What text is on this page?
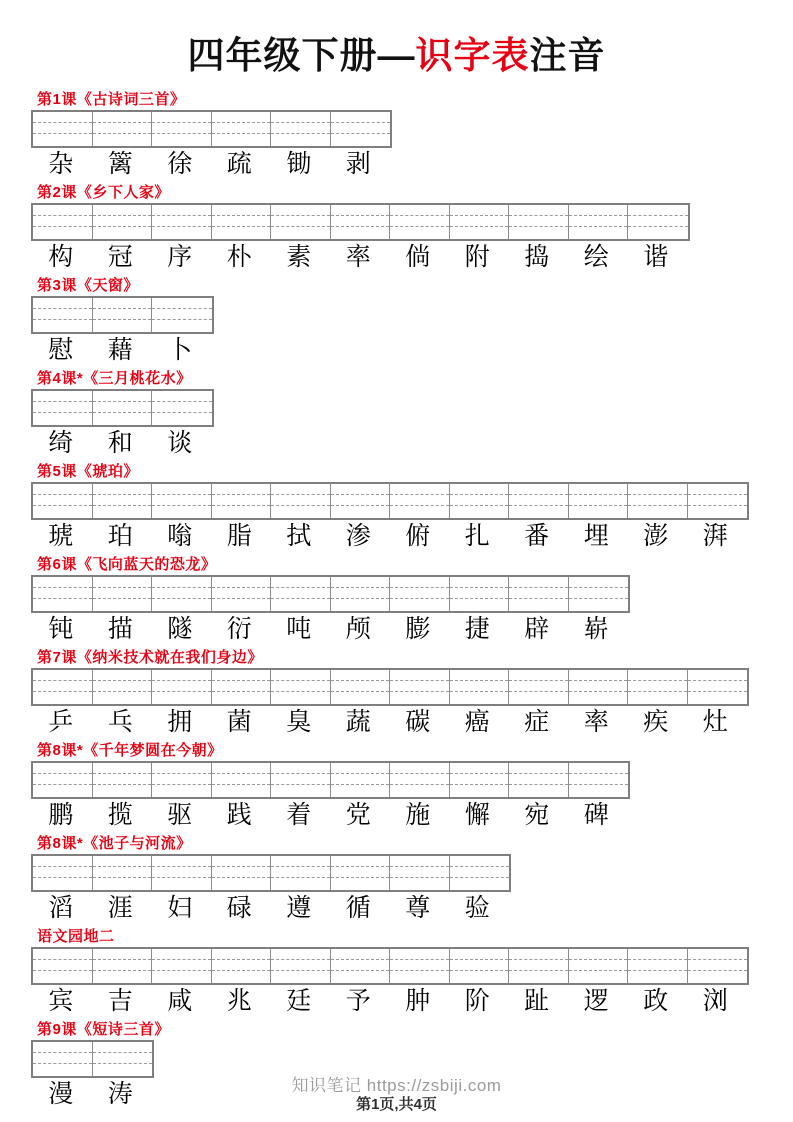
四年级下册—识字表注音
第1课《古诗词三首》
杂	篱	徐	疏	锄	剥
第2课《乡下人家》
构	冠	序	朴	素	率	倘	附	捣	绘	谐
第3课《天窗》
慰	藉	卜
第4课*《三月桃花水》
绮	和	谈
第5课《琥珀》
琥	珀	嗡	脂	拭	渗	俯	扎	番	埋	澎	湃
第6课《飞向蓝天的恐龙》
钝	描	隧	衍	吨	颅	膨	捷	辟	崭
第7课《纳米技术就在我们身边》
乒	乓	拥	菌	臭	蔬	碳	癌	症	率	疾	灶
第8课*《千年梦圆在今朝》
鹏	揽	驱	践	着	党	施	懈	宛	碑
第8课*《池子与河流》
滔	涯	妇	碌	遵	循	尊	验
语文园地二
宾	吉	咸	兆	廷	予	肿	阶	趾	逻	政	浏
第9课《短诗三首》
漫	涛	知识笔记 https://zsbiji.com
第1页,共4页
